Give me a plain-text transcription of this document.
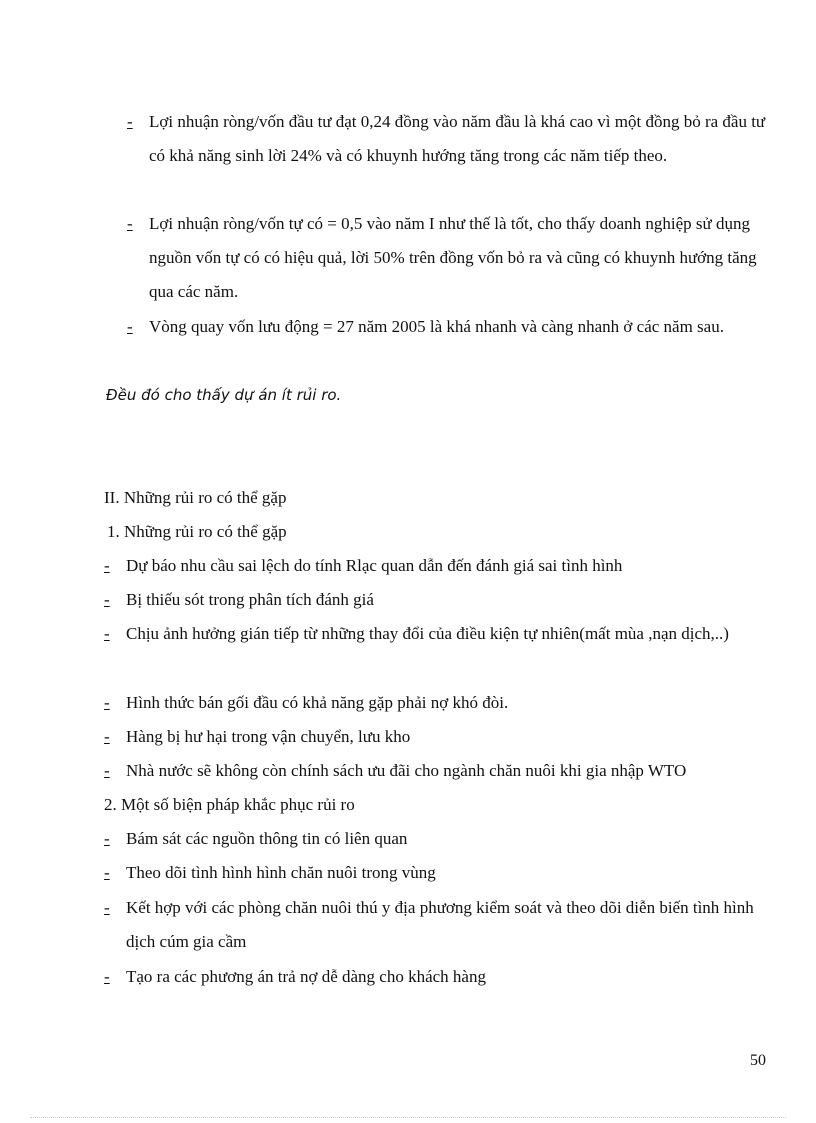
- Lợi nhuận ròng/vốn đầu tư đạt 0,24 đồng vào năm đầu là khá cao vì một đồng bỏ ra đầu tư có khả năng sinh lời 24% và có khuynh hướng tăng trong các năm tiếp theo.
- Lợi nhuận ròng/vốn tự có = 0,5 vào năm I như thế là tốt, cho thấy doanh nghiệp sử dụng nguồn vốn tự có có hiệu quả, lời 50% trên đồng vốn bỏ ra và cũng có khuynh hướng tăng qua các năm.
- Vòng quay vốn lưu động = 27 năm 2005 là khá nhanh và càng nhanh ở các năm sau.
Đều đó cho thấy dự án ít rủi ro.
II. Những rủi ro có thể gặp
1. Những rủi ro có thể gặp
- Dự báo nhu cầu sai lệch do tính Rlạc quan dẫn đến đánh giá sai tình hình
- Bị thiếu sót trong phân tích đánh giá
- Chịu ảnh hưởng gián tiếp từ những thay đổi của điều kiện tự nhiên(mất mùa ,nạn dịch,..)
- Hình thức bán gối đầu có khả năng gặp phải nợ khó đòi.
- Hàng bị hư hại trong vận chuyển, lưu kho
- Nhà nước sẽ không còn chính sách ưu đãi cho ngành chăn nuôi khi gia nhập WTO
2. Một số biện pháp khắc phục rủi ro
- Bám sát các nguồn thông tin có liên quan
- Theo dõi tình hình hình chăn nuôi trong vùng
- Kết hợp với các phòng chăn nuôi thú y địa phương kiểm soát và theo dõi diễn biến tình hình dịch cúm gia cầm
- Tạo ra các phương án trả nợ dễ dàng cho khách hàng
50
